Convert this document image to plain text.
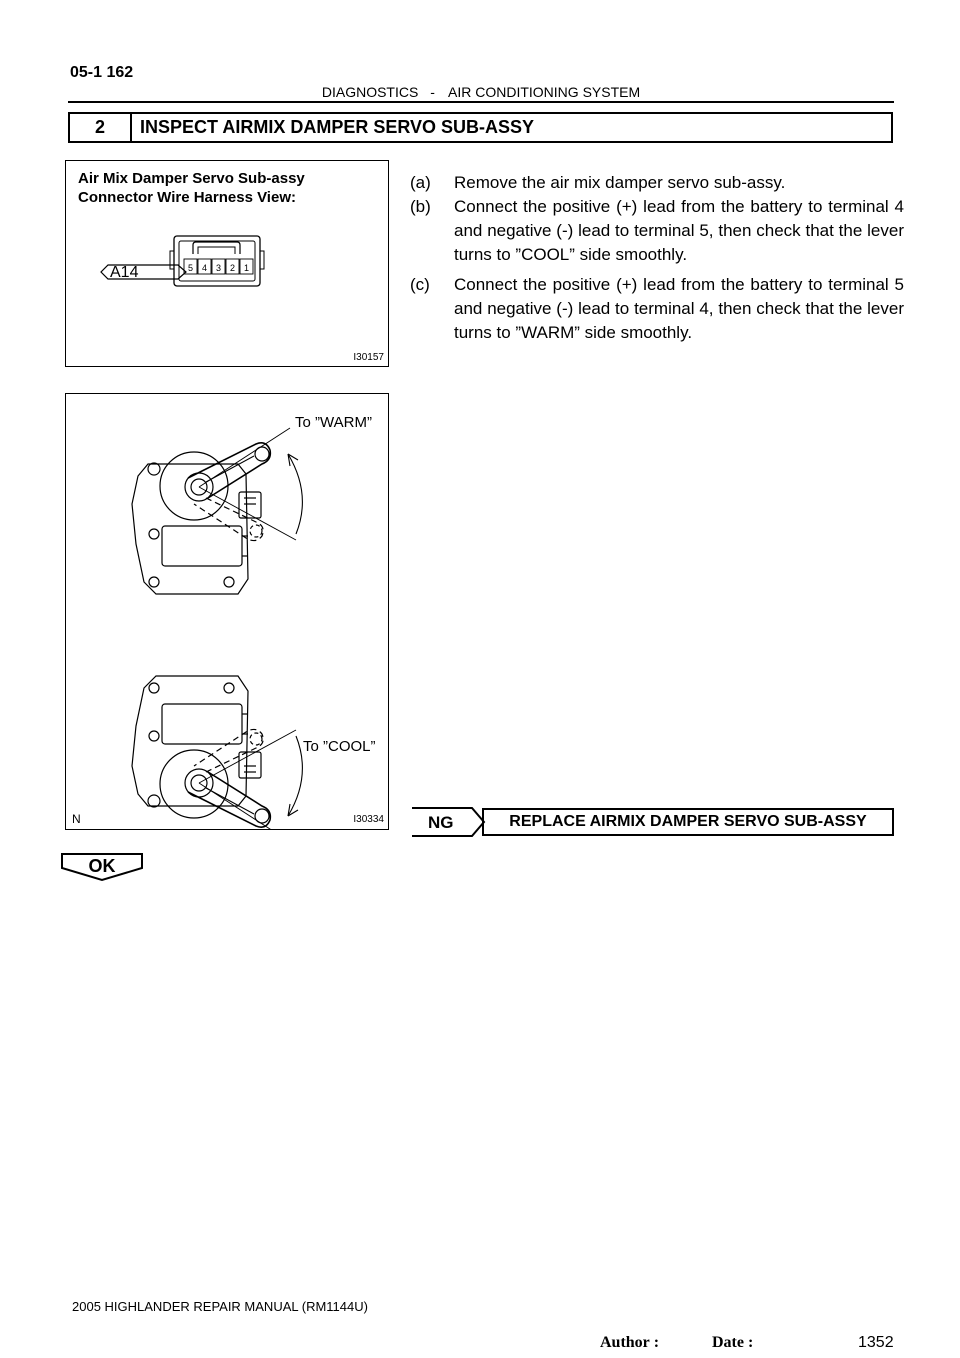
05-1 162
DIAGNOSTICS - AIR CONDITIONING SYSTEM
2	INSPECT AIRMIX DAMPER SERVO SUB-ASSY
Air Mix Damper Servo Sub-assy
Connector Wire Harness View:
A14	5 4 3 2 1
I30157
To ”WARM”
To ”COOL”
N	I30334
(a) Remove the air mix damper servo sub-assy.
(b) Connect the positive (+) lead from the battery to terminal 4 and negative (-) lead to terminal 5, then check that the lever turns to ”COOL” side smoothly.
(c) Connect the positive (+) lead from the battery to terminal 5 and negative (-) lead to terminal 4, then check that the lever turns to ”WARM” side smoothly.
NG	REPLACE AIRMIX DAMPER SERVO SUB-ASSY
OK
2005 HIGHLANDER REPAIR MANUAL (RM1144U)
Author :	Date :	1352
